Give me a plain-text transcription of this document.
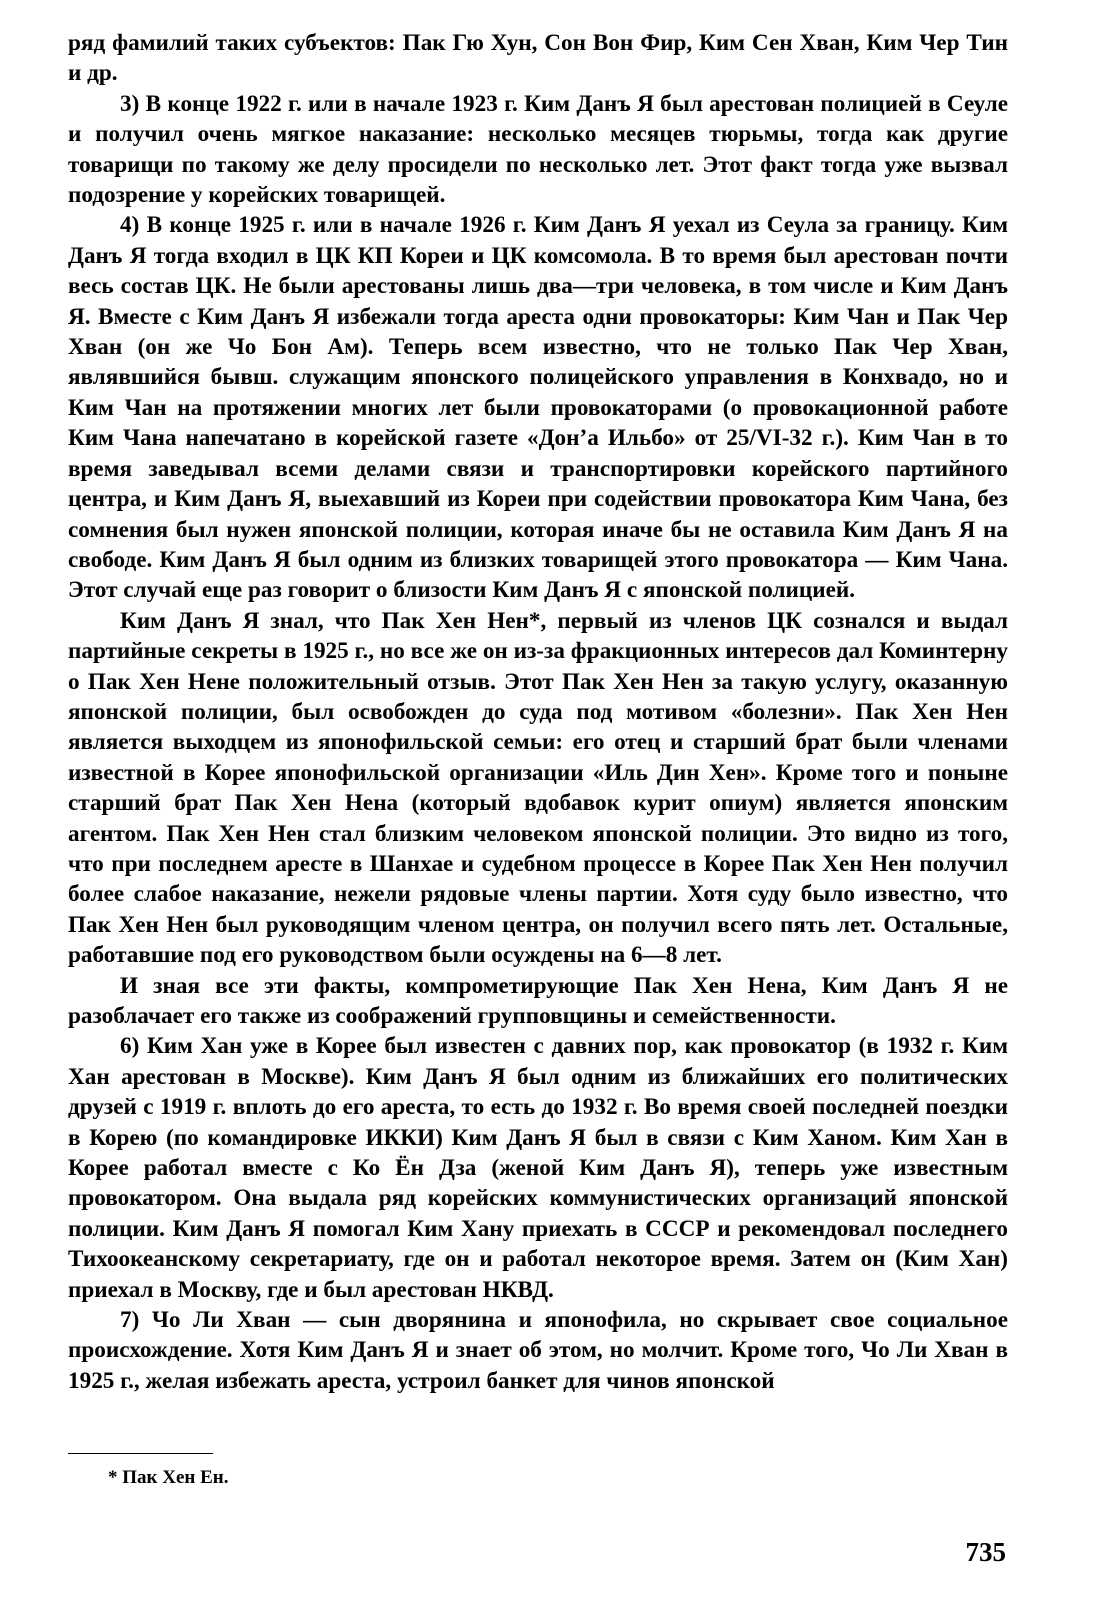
ряд фамилий таких субъектов: Пак Гю Хун, Сон Вон Фир, Ким Сен Хван, Ким Чер Тин и др.

3) В конце 1922 г. или в начале 1923 г. Ким Данъ Я был арестован полицией в Сеуле и получил очень мягкое наказание: несколько месяцев тюрьмы, тогда как другие товарищи по такому же делу просидели по несколько лет. Этот факт тогда уже вызвал подозрение у корейских товарищей.

4) В конце 1925 г. или в начале 1926 г. Ким Данъ Я уехал из Сеула за границу. Ким Данъ Я тогда входил в ЦК КП Кореи и ЦК комсомола. В то время был арестован почти весь состав ЦК. Не были арестованы лишь два—три человека, в том числе и Ким Данъ Я. Вместе с Ким Данъ Я избежали тогда ареста одни провокаторы: Ким Чан и Пак Чер Хван (он же Чо Бон Ам). Теперь всем известно, что не только Пак Чер Хван, являвшийся бывш. служащим японского полицейского управления в Конхвадо, но и Ким Чан на протяжении многих лет были провокаторами (о провокационной работе Ким Чана напечатано в корейской газете «Дон’а Ильбо» от 25/VI-32 г.). Ким Чан в то время заведывал всеми делами связи и транспортировки корейского партийного центра, и Ким Данъ Я, выехавший из Кореи при содействии провокатора Ким Чана, без сомнения был нужен японской полиции, которая иначе бы не оставила Ким Данъ Я на свободе. Ким Данъ Я был одним из близких товарищей этого провокатора — Ким Чана. Этот случай еще раз говорит о близости Ким Данъ Я с японской полицией.

Ким Данъ Я знал, что Пак Хен Нен*, первый из членов ЦК сознался и выдал партийные секреты в 1925 г., но все же он из-за фракционных интересов дал Коминтерну о Пак Хен Нене положительный отзыв. Этот Пак Хен Нен за такую услугу, оказанную японской полиции, был освобожден до суда под мотивом «болезни». Пак Хен Нен является выходцем из японофильской семьи: его отец и старший брат были членами известной в Корее японофильской организации «Иль Дин Хен». Кроме того и поныне старший брат Пак Хен Нена (который вдобавок курит опиум) является японским агентом. Пак Хен Нен стал близким человеком японской полиции. Это видно из того, что при последнем аресте в Шанхае и судебном процессе в Корее Пак Хен Нен получил более слабое наказание, нежели рядовые члены партии. Хотя суду было известно, что Пак Хен Нен был руководящим членом центра, он получил всего пять лет. Остальные, работавшие под его руководством были осуждены на 6—8 лет.

И зная все эти факты, компрометирующие Пак Хен Нена, Ким Данъ Я не разоблачает его также из соображений групповщины и семейственности.

6) Ким Хан уже в Корее был известен с давних пор, как провокатор (в 1932 г. Ким Хан арестован в Москве). Ким Данъ Я был одним из ближайших его политических друзей с 1919 г. вплоть до его ареста, то есть до 1932 г. Во время своей последней поездки в Корею (по командировке ИККИ) Ким Данъ Я был в связи с Ким Ханом. Ким Хан в Корее работал вместе с Ко Ён Дза (женой Ким Данъ Я), теперь уже известным провокатором. Она выдала ряд корейских коммунистических организаций японской полиции. Ким Данъ Я помогал Ким Хану приехать в СССР и рекомендовал последнего Тихоокеанскому секретариату, где он и работал некоторое время. Затем он (Ким Хан) приехал в Москву, где и был арестован НКВД.

7) Чо Ли Хван — сын дворянина и японофила, но скрывает свое социальное происхождение. Хотя Ким Данъ Я и знает об этом, но молчит. Кроме того, Чо Ли Хван в 1925 г., желая избежать ареста, устроил банкет для чинов японской

* Пак Хен Ен.
735
